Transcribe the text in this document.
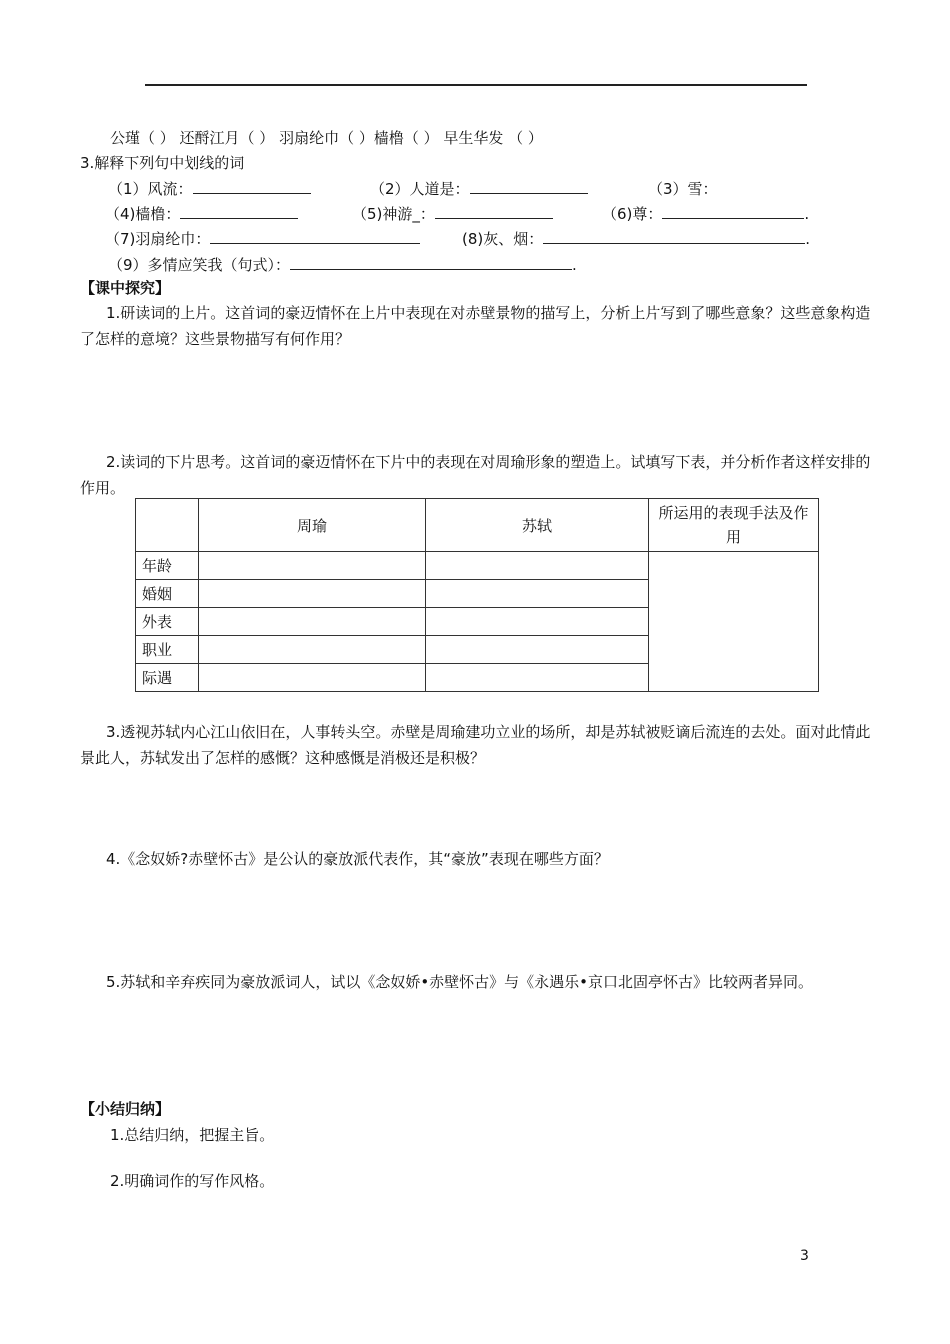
公瑾（ ） 还酹江月（ ） 羽扇纶巾（ ）樯橹（ ） 早生华发 （ ）
3.解释下列句中划线的词
（1）风流：	（2）人道是：	（3）雪：
（4)樯橹：	（5)神游_：	（6)尊：	.
（7)羽扇纶巾：	(8)灰、烟：	.
（9）多情应笑我（句式）：	.
【课中探究】
1.研读词的上片。这首词的豪迈情怀在上片中表现在对赤壁景物的描写上，分析上片写到了哪些意象？这些意象构造了怎样的意境？这些景物描写有何作用？
2.读词的下片思考。这首词的豪迈情怀在下片中的表现在对周瑜形象的塑造上。试填写下表，并分析作者这样安排的作用。
	周瑜	苏轼	所运用的表现手法及作用
年龄			
婚姻			
外表			
职业			
际遇			
3.透视苏轼内心江山依旧在，人事转头空。赤壁是周瑜建功立业的场所，却是苏轼被贬谪后流连的去处。面对此情此景此人，苏轼发出了怎样的感慨？这种感慨是消极还是积极？
4.《念奴娇?赤壁怀古》是公认的豪放派代表作，其“豪放”表现在哪些方面？
5.苏轼和辛弃疾同为豪放派词人，试以《念奴娇•赤壁怀古》与《永遇乐•京口北固亭怀古》比较两者异同。
【小结归纳】
1.总结归纳，把握主旨。
2.明确词作的写作风格。
3
